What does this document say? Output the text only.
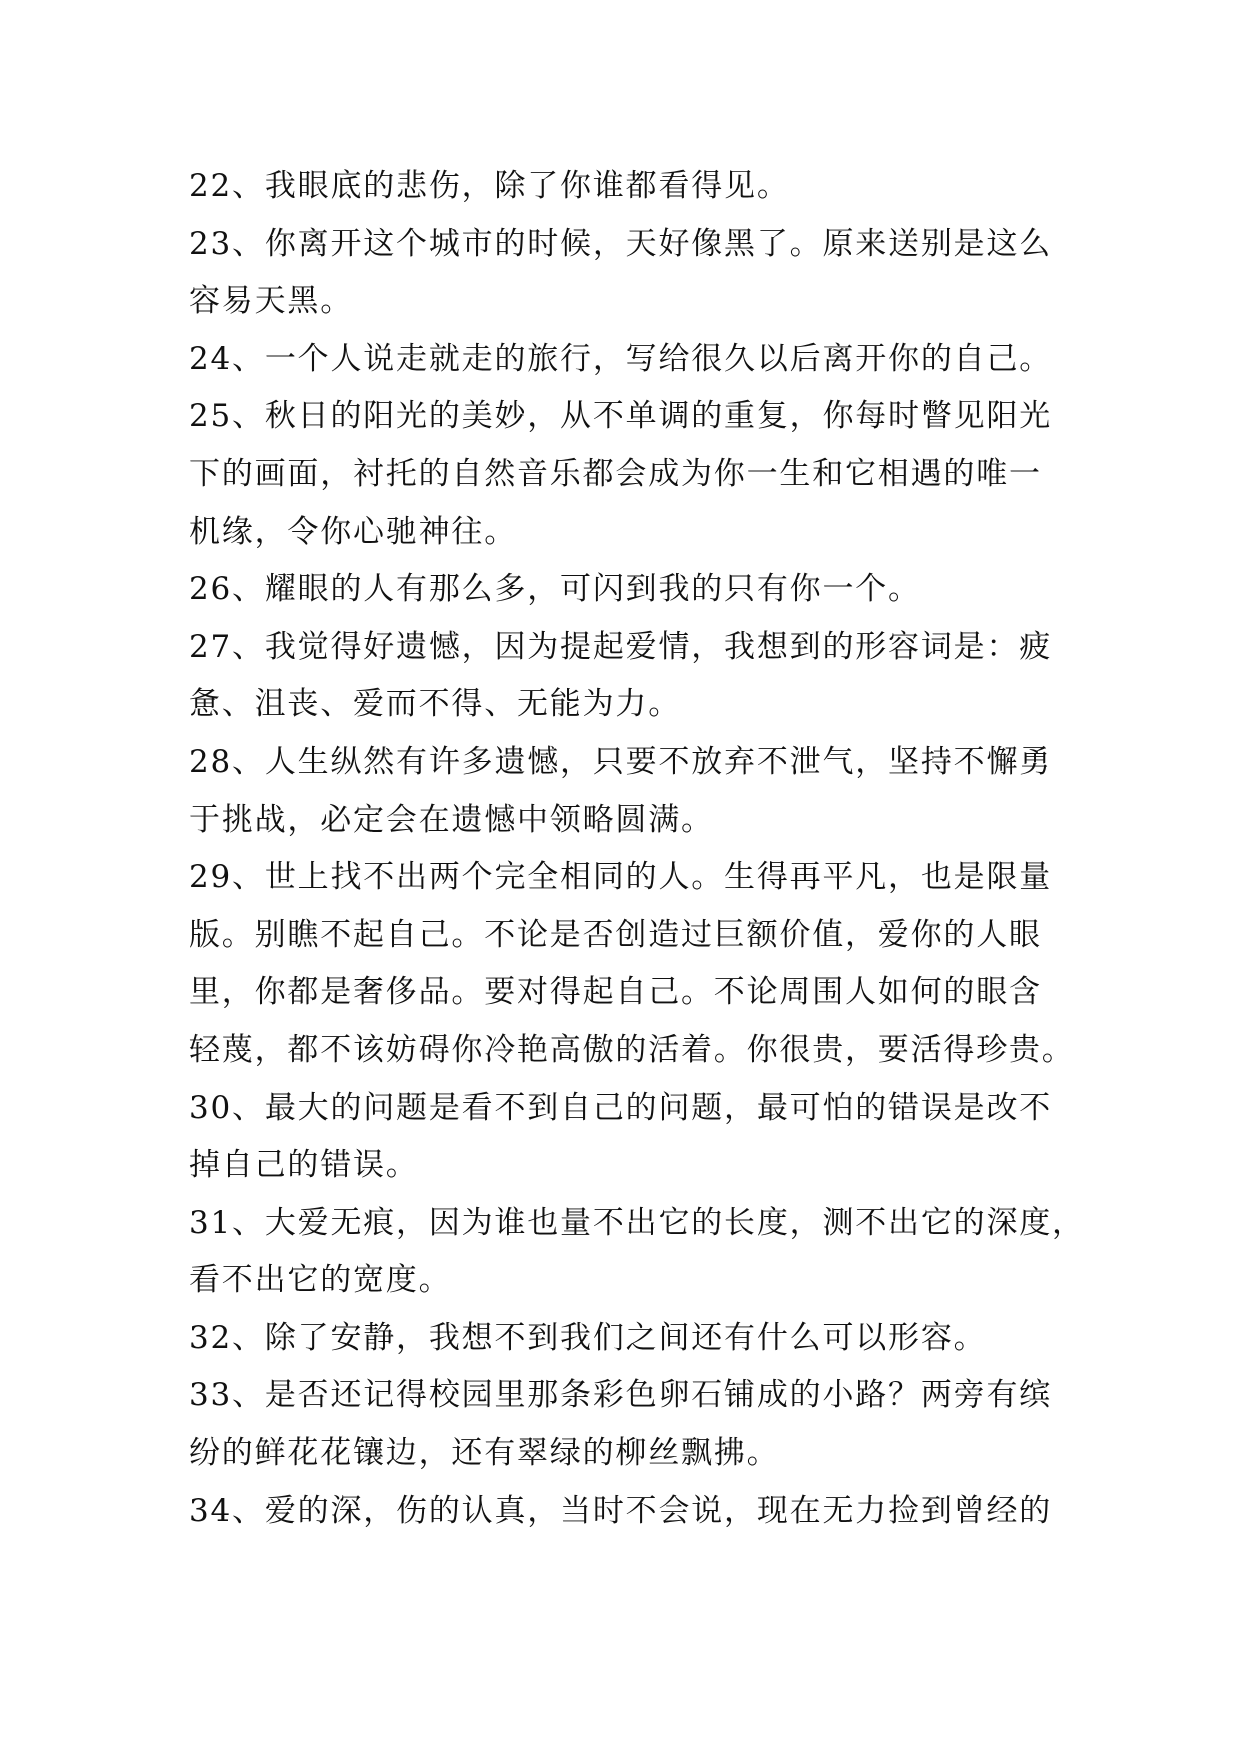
22、我眼底的悲伤，除了你谁都看得见。

23、你离开这个城市的时候，天好像黑了。原来送别是这么
容易天黑。

24、一个人说走就走的旅行，写给很久以后离开你的自己。

25、秋日的阳光的美妙，从不单调的重复，你每时瞥见阳光
下的画面，衬托的自然音乐都会成为你一生和它相遇的唯一
机缘，令你心驰神往。

26、耀眼的人有那么多，可闪到我的只有你一个。

27、我觉得好遗憾，因为提起爱情，我想到的形容词是：疲
惫、沮丧、爱而不得、无能为力。

28、人生纵然有许多遗憾，只要不放弃不泄气，坚持不懈勇
于挑战，必定会在遗憾中领略圆满。

29、世上找不出两个完全相同的人。生得再平凡，也是限量
版。别瞧不起自己。不论是否创造过巨额价值，爱你的人眼
里，你都是奢侈品。要对得起自己。不论周围人如何的眼含
轻蔑，都不该妨碍你冷艳高傲的活着。你很贵，要活得珍贵。

30、最大的问题是看不到自己的问题，最可怕的错误是改不
掉自己的错误。

31、大爱无痕，因为谁也量不出它的长度，测不出它的深度，
看不出它的宽度。

32、除了安静，我想不到我们之间还有什么可以形容。

33、是否还记得校园里那条彩色卵石铺成的小路？两旁有缤
纷的鲜花花镶边，还有翠绿的柳丝飘拂。

34、爱的深，伤的认真，当时不会说，现在无力捡到曾经的
